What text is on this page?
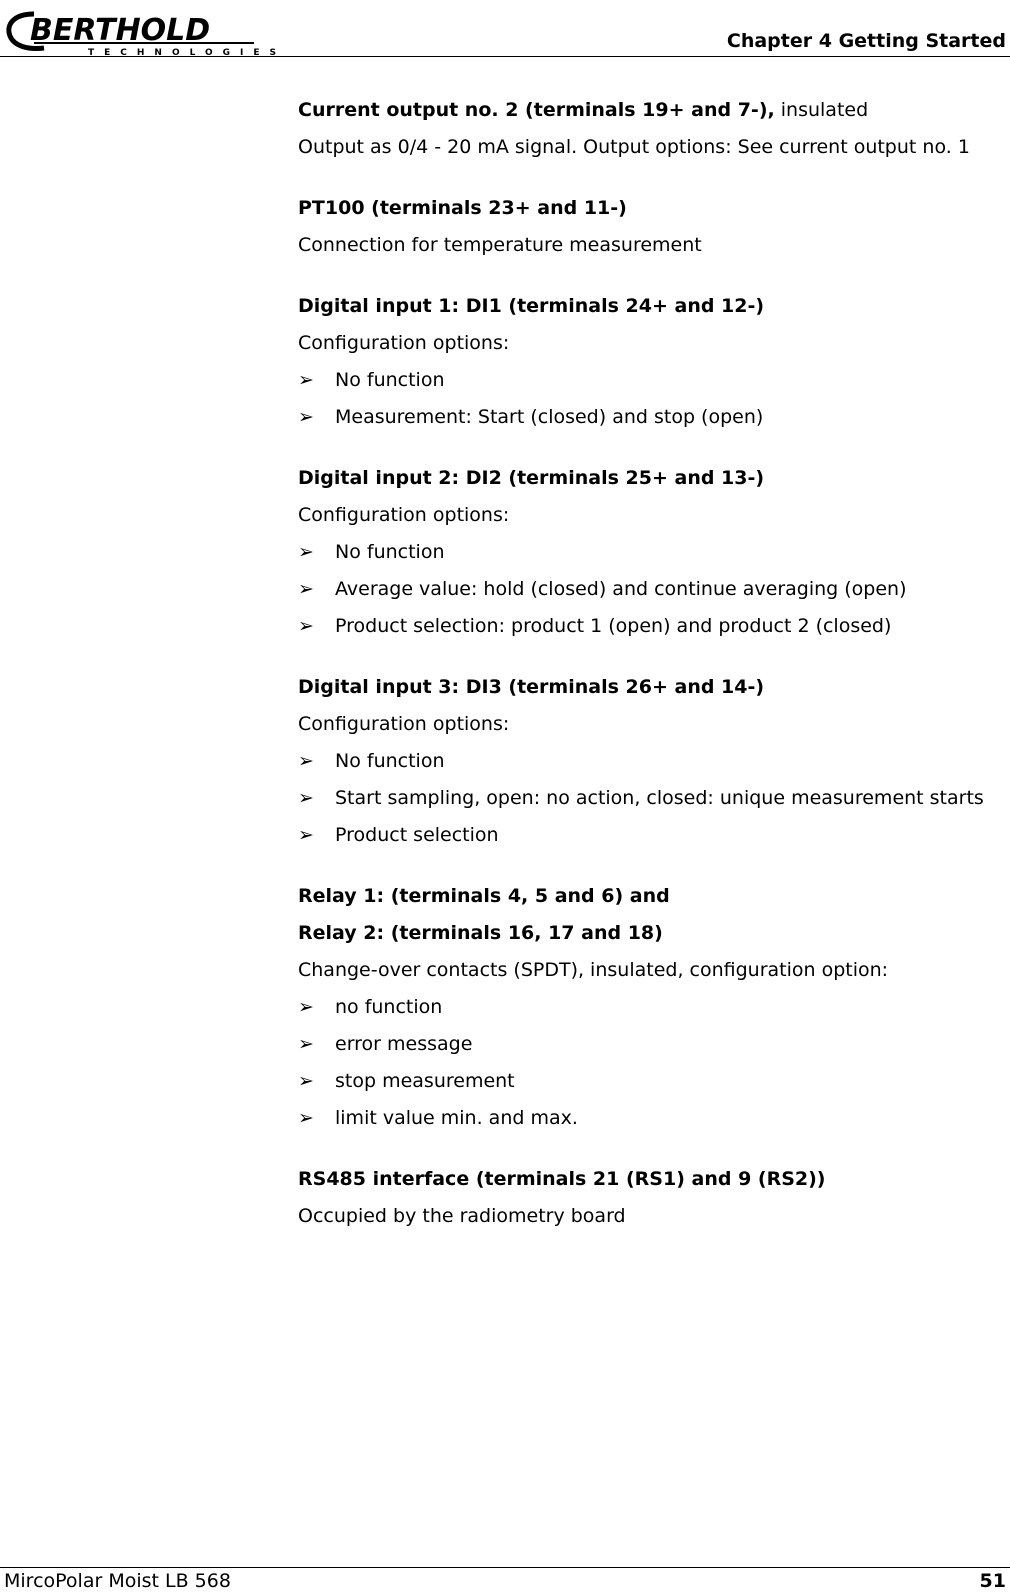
BERTHOLD
TECHNOLOGIES
Chapter 4 Getting Started
Current output no. 2 (terminals 19+ and 7-), insulated
Output as 0/4 - 20 mA signal. Output options: See current output no. 1
PT100 (terminals 23+ and 11-)
Connection for temperature measurement
Digital input 1: DI1 (terminals 24+ and 12-)
Configuration options:
➢ No function
➢ Measurement: Start (closed) and stop (open)
Digital input 2: DI2 (terminals 25+ and 13-)
Configuration options:
➢ No function
➢ Average value: hold (closed) and continue averaging (open)
➢ Product selection: product 1 (open) and product 2 (closed)
Digital input 3: DI3 (terminals 26+ and 14-)
Configuration options:
➢ No function
➢ Start sampling, open: no action, closed: unique measurement starts
➢ Product selection
Relay 1: (terminals 4, 5 and 6) and
Relay 2: (terminals 16, 17 and 18)
Change-over contacts (SPDT), insulated, configuration option:
➢ no function
➢ error message
➢ stop measurement
➢ limit value min. and max.
RS485 interface (terminals 21 (RS1) and 9 (RS2))
Occupied by the radiometry board
MircoPolar Moist LB 568	51
